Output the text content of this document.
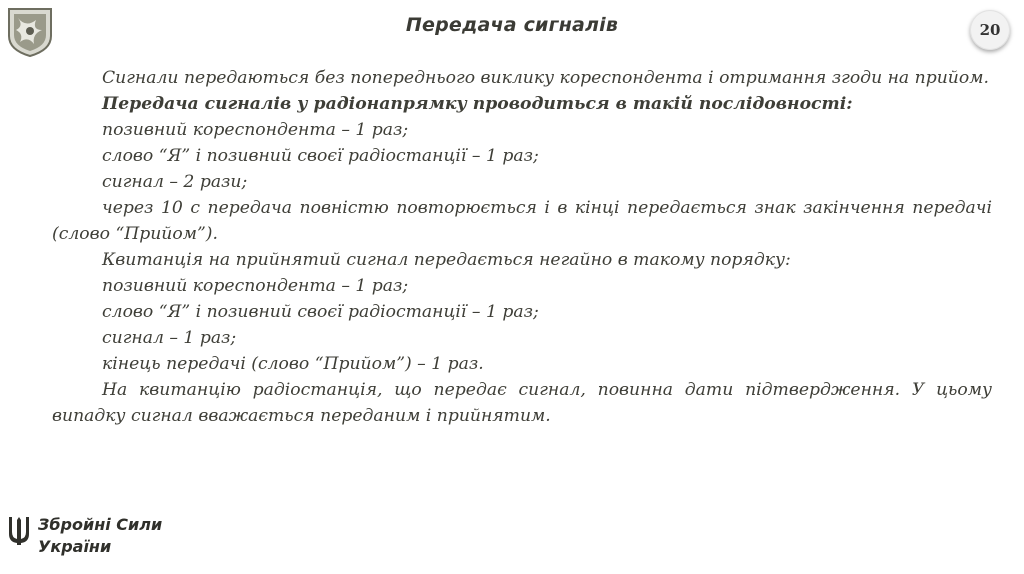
Передача сигналів	20

Сигнали передаються без попереднього виклику кореспондента і отримання згоди на прийом.

Передача сигналів у радіонапрямку проводиться в такій послідовності:

позивний кореспондента – 1 раз;

слово “Я” і позивний своєї радіостанції – 1 раз;

сигнал – 2 рази;

через 10 с передача повністю повторюється і в кінці передається знак закінчення передачі (слово “Прийом”).

Квитанція на прийнятий сигнал передається негайно в такому порядку:

позивний кореспондента – 1 раз;

слово “Я” і позивний своєї радіостанції – 1 раз;

сигнал – 1 раз;

кінець передачі (слово “Прийом”) – 1 раз.

На квитанцію радіостанція, що передає сигнал, повинна дати підтвердження. У цьому випадку сигнал вважається переданим і прийнятим.

Збройні Сили
України
